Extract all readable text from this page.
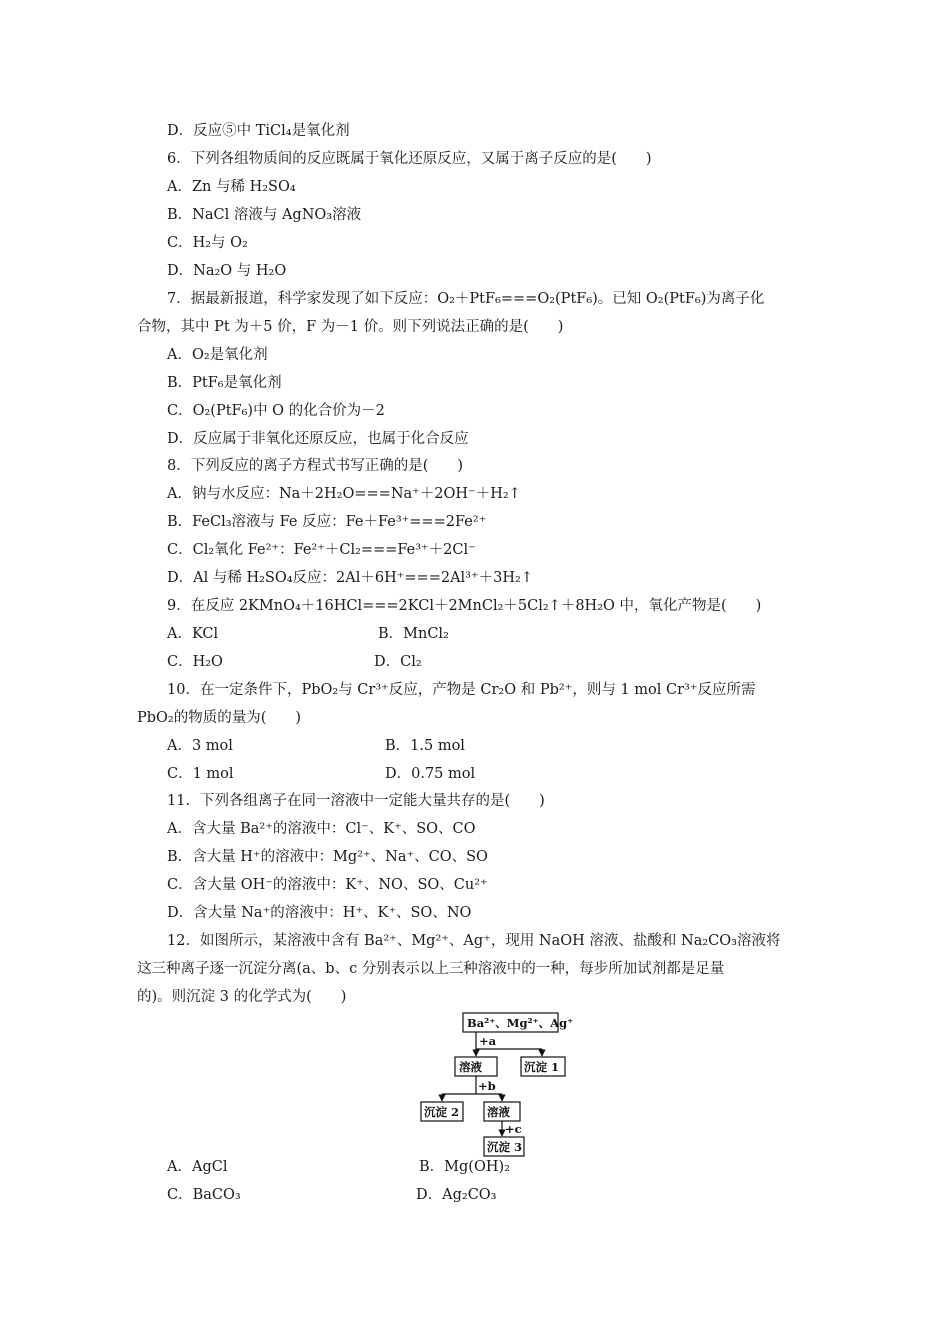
D．反应⑤中 TiCl₄是氧化剂

6．下列各组物质间的反应既属于氧化还原反应，又属于离子反应的是(　　)

A．Zn 与稀 H₂SO₄

B．NaCl 溶液与 AgNO₃溶液

C．H₂与 O₂

D．Na₂O 与 H₂O

7．据最新报道，科学家发现了如下反应：O₂＋PtF₆===O₂(PtF₆)。已知 O₂(PtF₆)为离子化

合物，其中 Pt 为＋5 价，F 为－1 价。则下列说法正确的是(　　)

A．O₂是氧化剂

B．PtF₆是氧化剂

C．O₂(PtF₆)中 O 的化合价为－2

D．反应属于非氧化还原反应，也属于化合反应

8．下列反应的离子方程式书写正确的是(　　)

A．钠与水反应：Na＋2H₂O===Na⁺＋2OH⁻＋H₂↑

B．FeCl₃溶液与 Fe 反应：Fe＋Fe³⁺===2Fe²⁺

C．Cl₂氧化 Fe²⁺：Fe²⁺＋Cl₂===Fe³⁺＋2Cl⁻

D．Al 与稀 H₂SO₄反应：2Al＋6H⁺===2Al³⁺＋3H₂↑

9．在反应 2KMnO₄＋16HCl===2KCl＋2MnCl₂＋5Cl₂↑＋8H₂O 中，氧化产物是(　　)

A．KCl	B．MnCl₂

C．H₂O	D．Cl₂

10．在一定条件下，PbO₂与 Cr³⁺反应，产物是 Cr₂O 和 Pb²⁺，则与 1 mol Cr³⁺反应所需

PbO₂的物质的量为(　　)

A．3 mol	B．1.5 mol

C．1 mol	D．0.75 mol

11．下列各组离子在同一溶液中一定能大量共存的是(　　)

A．含大量 Ba²⁺的溶液中：Cl⁻、K⁺、SO、CO

B．含大量 H⁺的溶液中：Mg²⁺、Na⁺、CO、SO

C．含大量 OH⁻的溶液中：K⁺、NO、SO、Cu²⁺

D．含大量 Na⁺的溶液中：H⁺、K⁺、SO、NO

12．如图所示，某溶液中含有 Ba²⁺、Mg²⁺、Ag⁺，现用 NaOH 溶液、盐酸和 Na₂CO₃溶液将

这三种离子逐一沉淀分离(a、b、c 分别表示以上三种溶液中的一种，每步所加试剂都是足量

的)。则沉淀 3 的化学式为(　　)

Ba²⁺、Mg²⁺、Ag⁺
+a
溶液	沉淀 1
+b
沉淀 2 溶液
+c
沉淀 3

A．AgCl	B．Mg(OH)₂

C．BaCO₃	D．Ag₂CO₃
